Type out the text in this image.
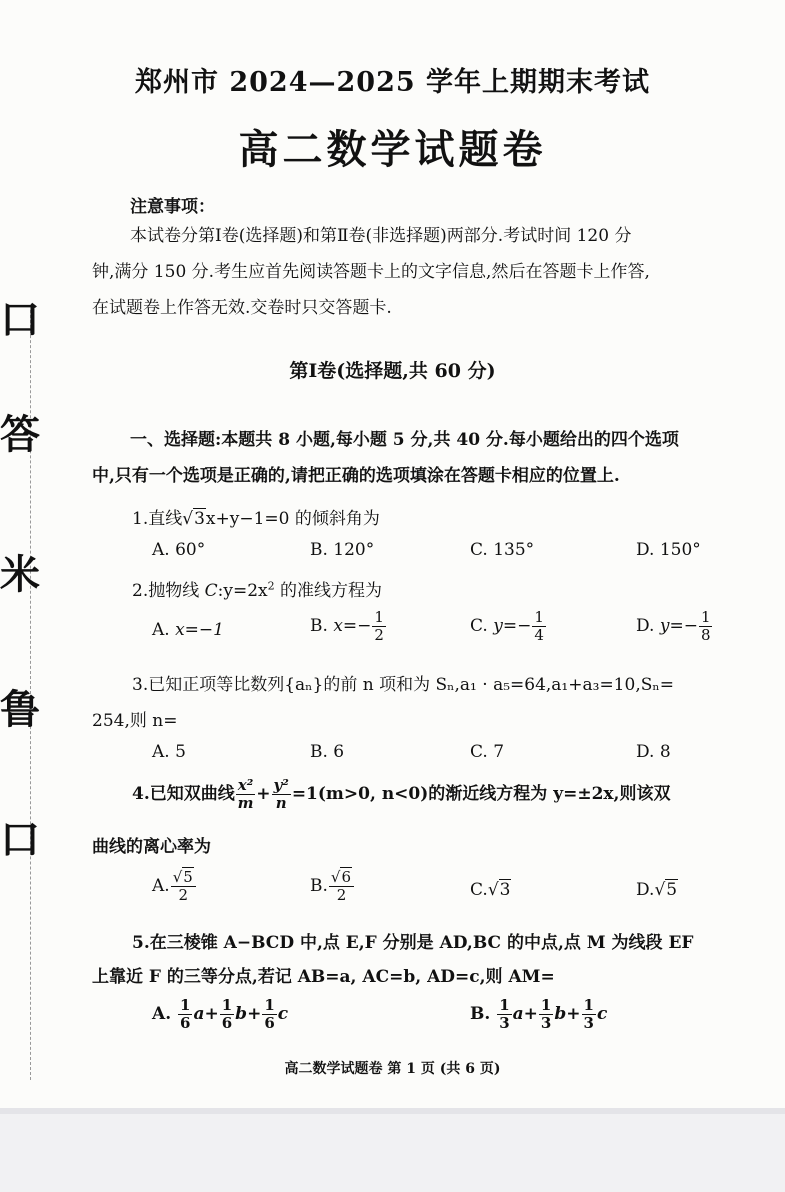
口
答
米
鲁
口
郑州市 2024—2025 学年上期期末考试
高二数学试题卷
注意事项：
本试卷分第Ⅰ卷(选择题)和第Ⅱ卷(非选择题)两部分.考试时间 120 分
钟,满分 150 分.考生应首先阅读答题卡上的文字信息,然后在答题卡上作答,
在试题卷上作答无效.交卷时只交答题卡.
第Ⅰ卷(选择题,共 60 分)
一、选择题:本题共 8 小题,每小题 5 分,共 40 分.每小题给出的四个选项
中,只有一个选项是正确的,请把正确的选项填涂在答题卡相应的位置上.
1.直线√3x+y−1=0 的倾斜角为
A. 60°	B. 120°	C. 135°	D. 150°
2.抛物线 $C:y=2x^2$ 的准线方程为
A. x=−1	B. $x=- \frac{1}{2}$	C. $y=- \frac{1}{4}$	D. $y=- \frac{1}{8}$
3.已知正项等比数列{aₙ}的前 n 项和为 Sₙ,a₁ · a₅=64,a₁+a₃=10,Sₙ=
254,则 n=
A. 5	B. 6	C. 7	D. 8
4.已知双曲线 $\frac{\text{x²}}{m} + \frac{\text{y²}}{n} =1(m>0$, n<0)的渐近线方程为 y=±2x,则该双
曲线的离心率为
A. $\frac{√5}{2}$	B. $\frac{√6}{2}$	C.√3	D.√5
5.在三棱锥 A−BCD 中,点 E,F 分别是 AD,BC 的中点,点 M 为线段 EF
上靠近 F 的三等分点,若记 AB=a, AC=b, AD=c,则 AM=
A. $\frac{1}{6} a+ \frac{1}{6} b+ \frac{1}{6}$ c	B. $\frac{1}{3} a+ \frac{1}{3} b+ \frac{1}{3}$ c
高二数学试题卷 第 1 页 (共 6 页)
